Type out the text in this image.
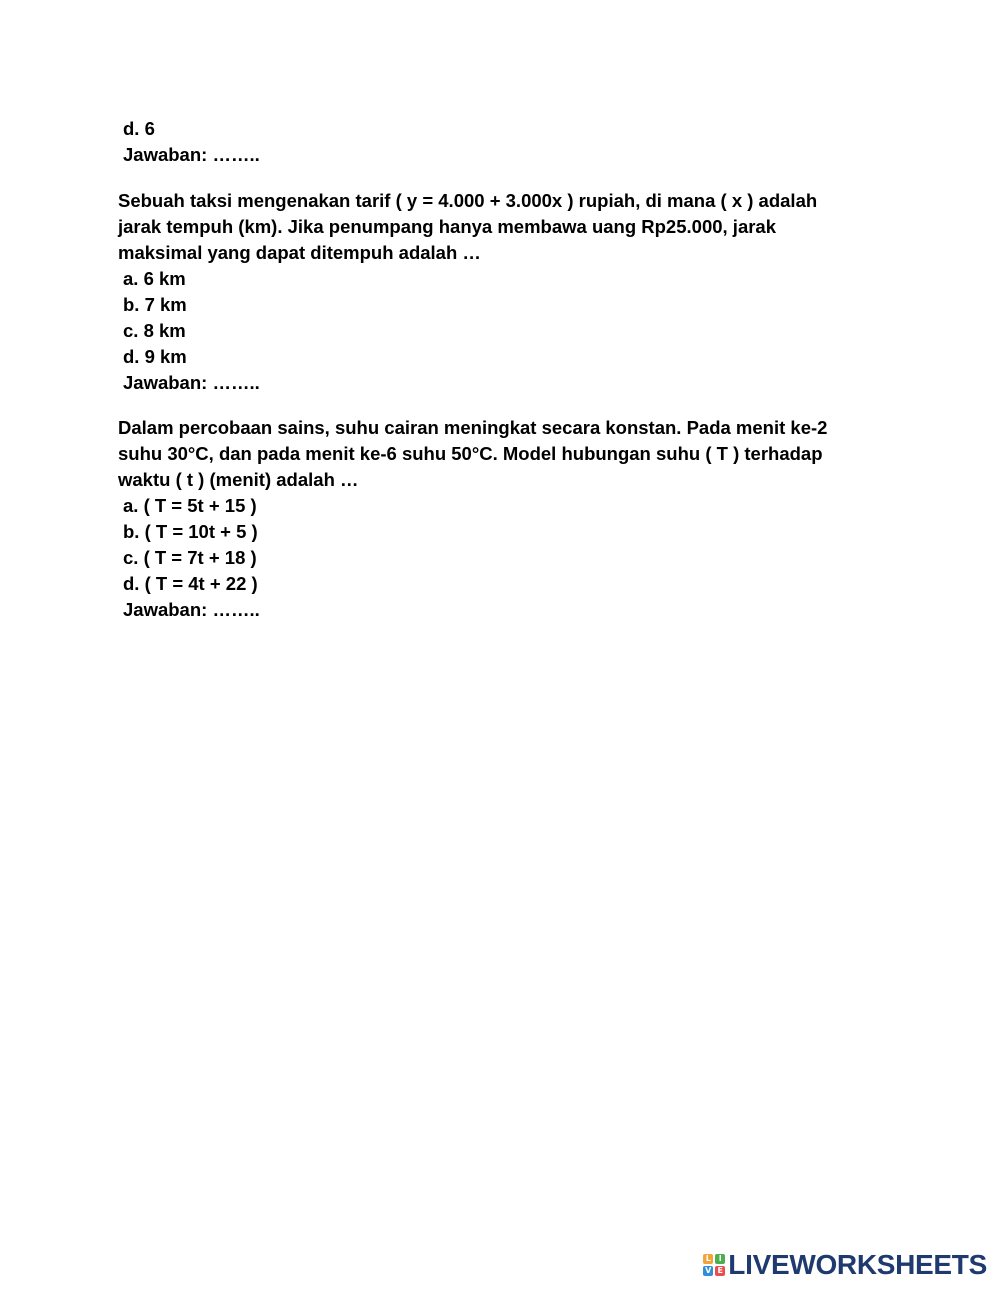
d. 6
Jawaban: ……..
Sebuah taksi mengenakan tarif ( y = 4.000 + 3.000x ) rupiah, di mana ( x ) adalah
jarak tempuh (km). Jika penumpang hanya membawa uang Rp25.000, jarak
maksimal yang dapat ditempuh adalah …
a. 6 km
b. 7 km
c. 8 km
d. 9 km
Jawaban: ……..
Dalam percobaan sains, suhu cairan meningkat secara konstan. Pada menit ke-2
suhu 30°C, dan pada menit ke-6 suhu 50°C. Model hubungan suhu ( T ) terhadap
waktu ( t ) (menit) adalah …
a. ( T = 5t + 15 )
b. ( T = 10t + 5 )
c. ( T = 7t + 18 )
d. ( T = 4t + 22 )
Jawaban: ……..
L I
V E LIVEWORKSHEETS
